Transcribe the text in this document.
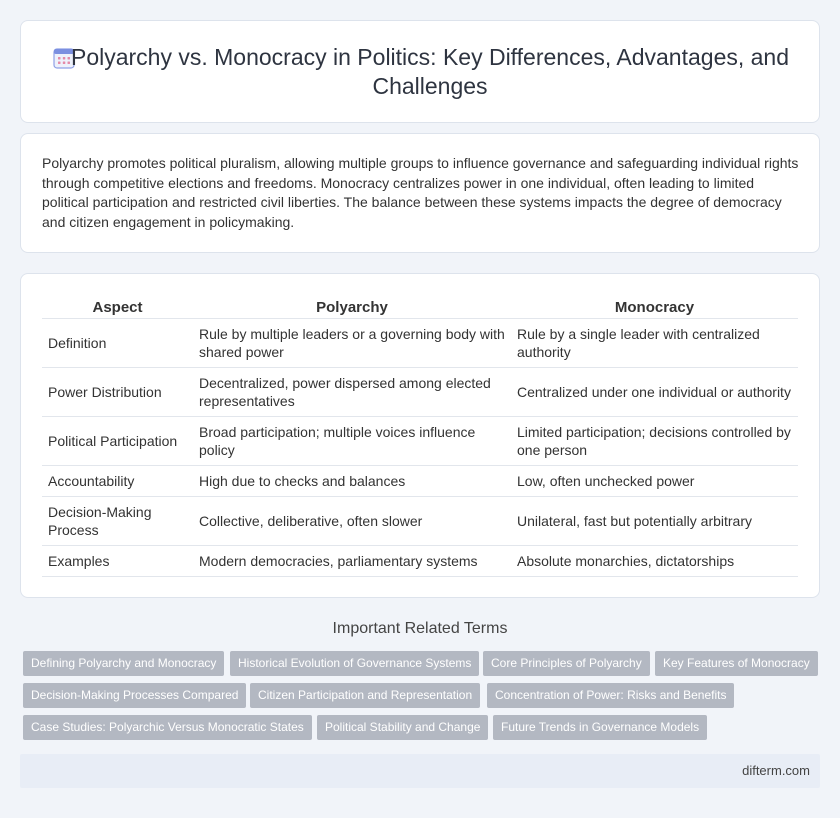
Polyarchy vs. Monocracy in Politics: Key Differences, Advantages, and Challenges

Polyarchy promotes political pluralism, allowing multiple groups to influence governance and safeguarding individual rights through competitive elections and freedoms. Monocracy centralizes power in one individual, often leading to limited political participation and restricted civil liberties. The balance between these systems impacts the degree of democracy and citizen engagement in policymaking.

Aspect	Polyarchy	Monocracy
Definition	Rule by multiple leaders or a governing body with shared power	Rule by a single leader with centralized authority
Power Distribution	Decentralized, power dispersed among elected representatives	Centralized under one individual or authority
Political Participation	Broad participation; multiple voices influence policy	Limited participation; decisions controlled by one person
Accountability	High due to checks and balances	Low, often unchecked power
Decision-Making Process	Collective, deliberative, often slower	Unilateral, fast but potentially arbitrary
Examples	Modern democracies, parliamentary systems	Absolute monarchies, dictatorships
Important Related Terms
Defining Polyarchy and Monocracy	Historical Evolution of Governance Systems	Core Principles of Polyarchy	Key Features of Monocracy
Decision-Making Processes Compared	Citizen Participation and Representation	Concentration of Power: Risks and Benefits
Case Studies: Polyarchic Versus Monocratic States	Political Stability and Change	Future Trends in Governance Models
difterm.com
